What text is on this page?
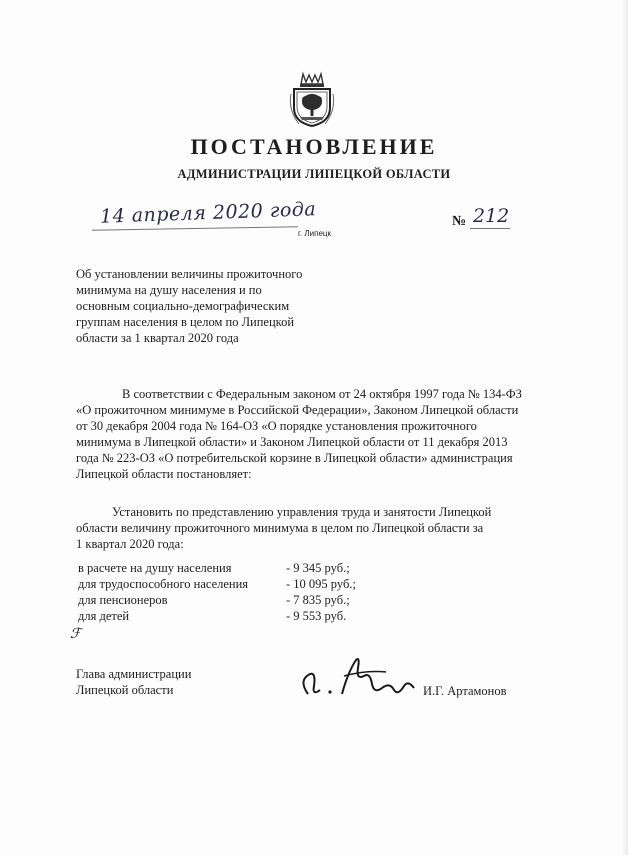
ПОСТАНОВЛЕНИЕ
АДМИНИСТРАЦИИ ЛИПЕЦКОЙ ОБЛАСТИ
14 апреля 2020 года
г. Липецк
№ 212
Об установлении величины прожиточного
минимума на душу населения и по
основным социально-демографическим
группам населения в целом по Липецкой
области за 1 квартал 2020 года
В соответствии с Федеральным законом от 24 октября 1997 года № 134-ФЗ
«О прожиточном минимуме в Российской Федерации», Законом Липецкой области
от 30 декабря 2004 года № 164-ОЗ «О порядке установления прожиточного
минимума в Липецкой области» и Законом Липецкой области от 11 декабря 2013
года № 223-ОЗ «О потребительской корзине в Липецкой области» администрация
Липецкой области постановляет:
Установить по представлению управления труда и занятости Липецкой
области величину прожиточного минимума в целом по Липецкой области за
1 квартал 2020 года:
в расчете на душу населения	- 9 345 руб.;
для трудоспособного населения	- 10 095 руб.;
для пенсионеров	- 7 835 руб.;
для детей	- 9 553 руб.
ℱ
Глава администрации
Липецкой области	И.Г. Артамонов
